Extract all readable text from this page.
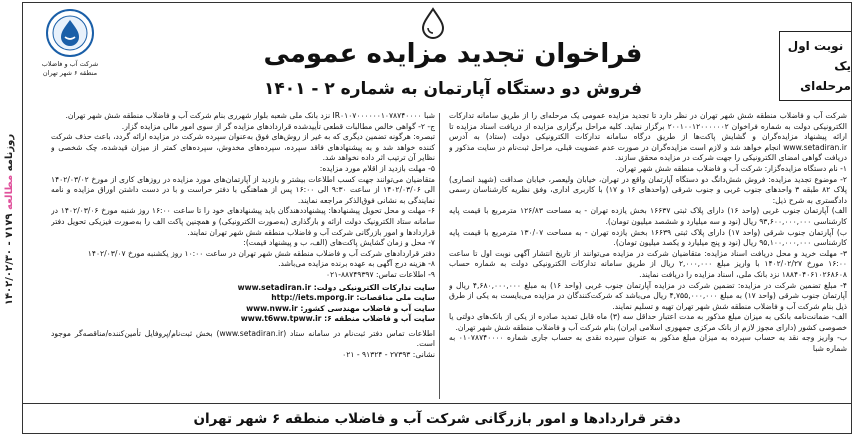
روزنامه مطالعه ۷۱۷۹ - ۱۴۰۲/۰۲/۳۰
شرکت آب و فاضلاب
منطقه ۶ شهر تهران
فراخوان تجدید مزایده عمومی
فروش دو دستگاه آپارتمان به شماره ۲ - ۱۴۰۱
نوبت اول
یک مرحله‌ای

شرکت آب و فاضلاب منطقه شش شهر تهران در نظر دارد تا تجدید مزایده عمومی یک مرحله‌ای را از طریق سامانه تدارکات الکترونیکی دولت به شماره فراخوان ۲۰۰۱۰۰۱۲۰۰۰۰۰۰۲ برگزار نماید. کلیه مراحل برگزاری مزایده از دریافت اسناد مزایده تا ارائه پیشنهاد مزایده‌گران و گشایش پاکت‌ها از طریق درگاه سامانه تدارکات الکترونیکی دولت (ستاد) به آدرس www.setadiran.ir انجام خواهد شد و لازم است مزایده‌گران در صورت عدم عضویت قبلی، مراحل ثبت‌نام در سایت مذکور و دریافت گواهی امضای الکترونیکی را جهت شرکت در مزایده محقق سازند.

۱- نام دستگاه مزایده‌گزار: شرکت آب و فاضلاب منطقه شش شهر تهران.

۲- موضوع تجدید مزایده: فروش شش‌دانگ دو دستگاه آپارتمان واقع در تهران، خیابان ولیعصر، خیابان صداقت (شهید انصاری) پلاک ۸۲ طبقه ۳ واحدهای جنوب غربی و جنوب شرقی (واحدهای ۱۶ و ۱۷) با کاربری اداری، وفق نظریه کارشناسان رسمی دادگستری به شرح ذیل:

الف) آپارتمان جنوب غربی (واحد ۱۶) دارای پلاک ثبتی ۱۶۶۳۷ بخش یازده تهران - به مساحت ۱۲۶/۸۳ مترمربع با قیمت پایه کارشناسی ۹۳,۶۰۰,۰۰۰,۰۰۰ ریال (نود و سه میلیارد و ششصد میلیون تومان).

ب) آپارتمان جنوب شرقی (واحد ۱۷) دارای پلاک ثبتی ۱۶۶۳۹ بخش یازده تهران - به مساحت ۱۳۰/۰۷ مترمربع با قیمت پایه کارشناسی ۹۵,۱۰۰,۰۰۰,۰۰۰ ریال (نود و پنج میلیارد و یکصد میلیون تومان).

۳- مهلت خرید و محل دریافت اسناد مزایده: متقاضیان شرکت در مزایده می‌توانند از تاریخ انتشار آگهی نوبت اول تا ساعت ۱۶:۰۰ مورخ ۱۴۰۲/۰۲/۲۷ با واریز مبلغ ۲,۰۰۰,۰۰۰ ریال از طریق سامانه تدارکات الکترونیکی دولت به شماره حساب ۱۸۸۴۰۴۰۶۱۰۲۶۸۶۰۸ نزد بانک ملی، اسناد مزایده را دریافت نمایند.

۴- مبلغ تضمین شرکت در مزایده: تضمین شرکت در مزایده آپارتمان جنوب غربی (واحد ۱۶) به مبلغ ۴,۶۸۰,۰۰۰,۰۰۰ ریال و آپارتمان جنوب شرقی (واحد ۱۷) به مبلغ ۴,۷۵۵,۰۰۰,۰۰۰ ریال می‌باشد که شرکت‌کنندگان در مزایده می‌بایست به یکی از طرق ذیل بنام شرکت آب و فاضلاب منطقه شش شهر تهران تهیه و تسلیم نمایند.

الف- ضمانت‌نامه بانکی به میزان مبلغ مذکور به مدت اعتبار حداقل سه (۳) ماه قابل تمدید صادره از یکی از بانک‌های دولتی یا خصوصی کشور (دارای مجوز لازم از بانک مرکزی جمهوری اسلامی ایران) بنام شرکت آب و فاضلاب منطقه شش شهر تهران.

ب- واریز وجه نقد به حساب سپرده به میزان مبلغ مذکور به عنوان سپرده نقدی به حساب جاری شماره ۰۱۰۷۸۷۴۰۰۰۰ به شماره شبا

شبا IR۰۱۰۷۰۰۰۰۰۰۱۰۷۸۷۴۰۰۰۰ نزد بانک ملی شعبه بلوار شهرری بنام شرکت آب و فاضلاب منطقه شش شهر تهران.

ج- ۲- گواهی خالص مطالبات قطعی تأییدشده قراردادهای مزایده گر از سوی امور مالی مزایده گزار.

تبصره: هرگونه تضمین دیگری که به غیر از روش‌های فوق به‌عنوان سپرده شرکت در مزایده ارائه گردد، باعث حذف شرکت کننده خواهد شد و به پیشنهادهای فاقد سپرده، سپرده‌های مخدوش، سپرده‌های کمتر از میزان قیدشده، چک شخصی و نظایر آن ترتیب اثر داده نخواهد شد.

۵- مهلت بازدید از اقلام مورد مزایده:

متقاضیان می‌توانند جهت کسب اطلاعات بیشتر و بازدید از آپارتمان‌های مورد مزایده در روزهای کاری از مورخ ۱۴۰۲/۰۳/۰۲ الی ۱۴۰۲/۰۳/۰۶ از ساعت ۹:۳۰ الی ۱۶:۰۰ پس از هماهنگی با دفتر حراست و با در دست داشتن اوراق مزایده و نامه نمایندگی به نشانی فوق‌الذکر مراجعه نمایند.

۶- مهلت و محل تحویل پیشنهادها: پیشنهاددهندگان باید پیشنهادهای خود را تا ساعت ۱۶:۰۰ روز شنبه مورخ ۱۴۰۲/۰۳/۰۶ در سامانه ستاد الکترونیک دولت ارائه و بارگذاری (به‌صورت الکترونیکی) و همچنین پاکت الف را به‌صورت فیزیکی تحویل دفتر قراردادها و امور بازرگانی شرکت آب و فاضلاب منطقه شش شهر تهران نمایند.

۷- محل و زمان گشایش پاکت‌های (الف، ب و پیشنهاد قیمت):

دفتر قراردادهای شرکت آب و فاضلاب منطقه شش شهر تهران در ساعت ۱۰:۰۰ روز یکشنبه مورخ ۱۴۰۲/۰۳/۰۷

۸- هزینه درج آگهی به عهده برنده مزایده می‌باشد.

۹- اطلاعات تماس: ۸۸۷۴۹۳۹۷-۰۲۱

سایت تدارکات الکترونیکی دولت: www.setadiran.ir
سایت ملی مناقصات: http://iets.mporg.ir
سایت آب و فاضلاب مهندسی کشور: www.nww.ir
سایت آب و فاضلاب منطقه ۶: www.t6ww.tpww.ir

اطلاعات تماس دفتر ثبت‌نام در سامانه ستاد (www.setadiran.ir) بخش ثبت‌نام/پروفایل تأمین‌کننده/مناقصه‌گر موجود است.

نشانی: ۲۷۳۹۳ - ۹۱۳۲۴ - ۰۲۱

دفتر قراردادها و امور بازرگانی شرکت آب و فاضلاب منطقه ۶ شهر تهران
